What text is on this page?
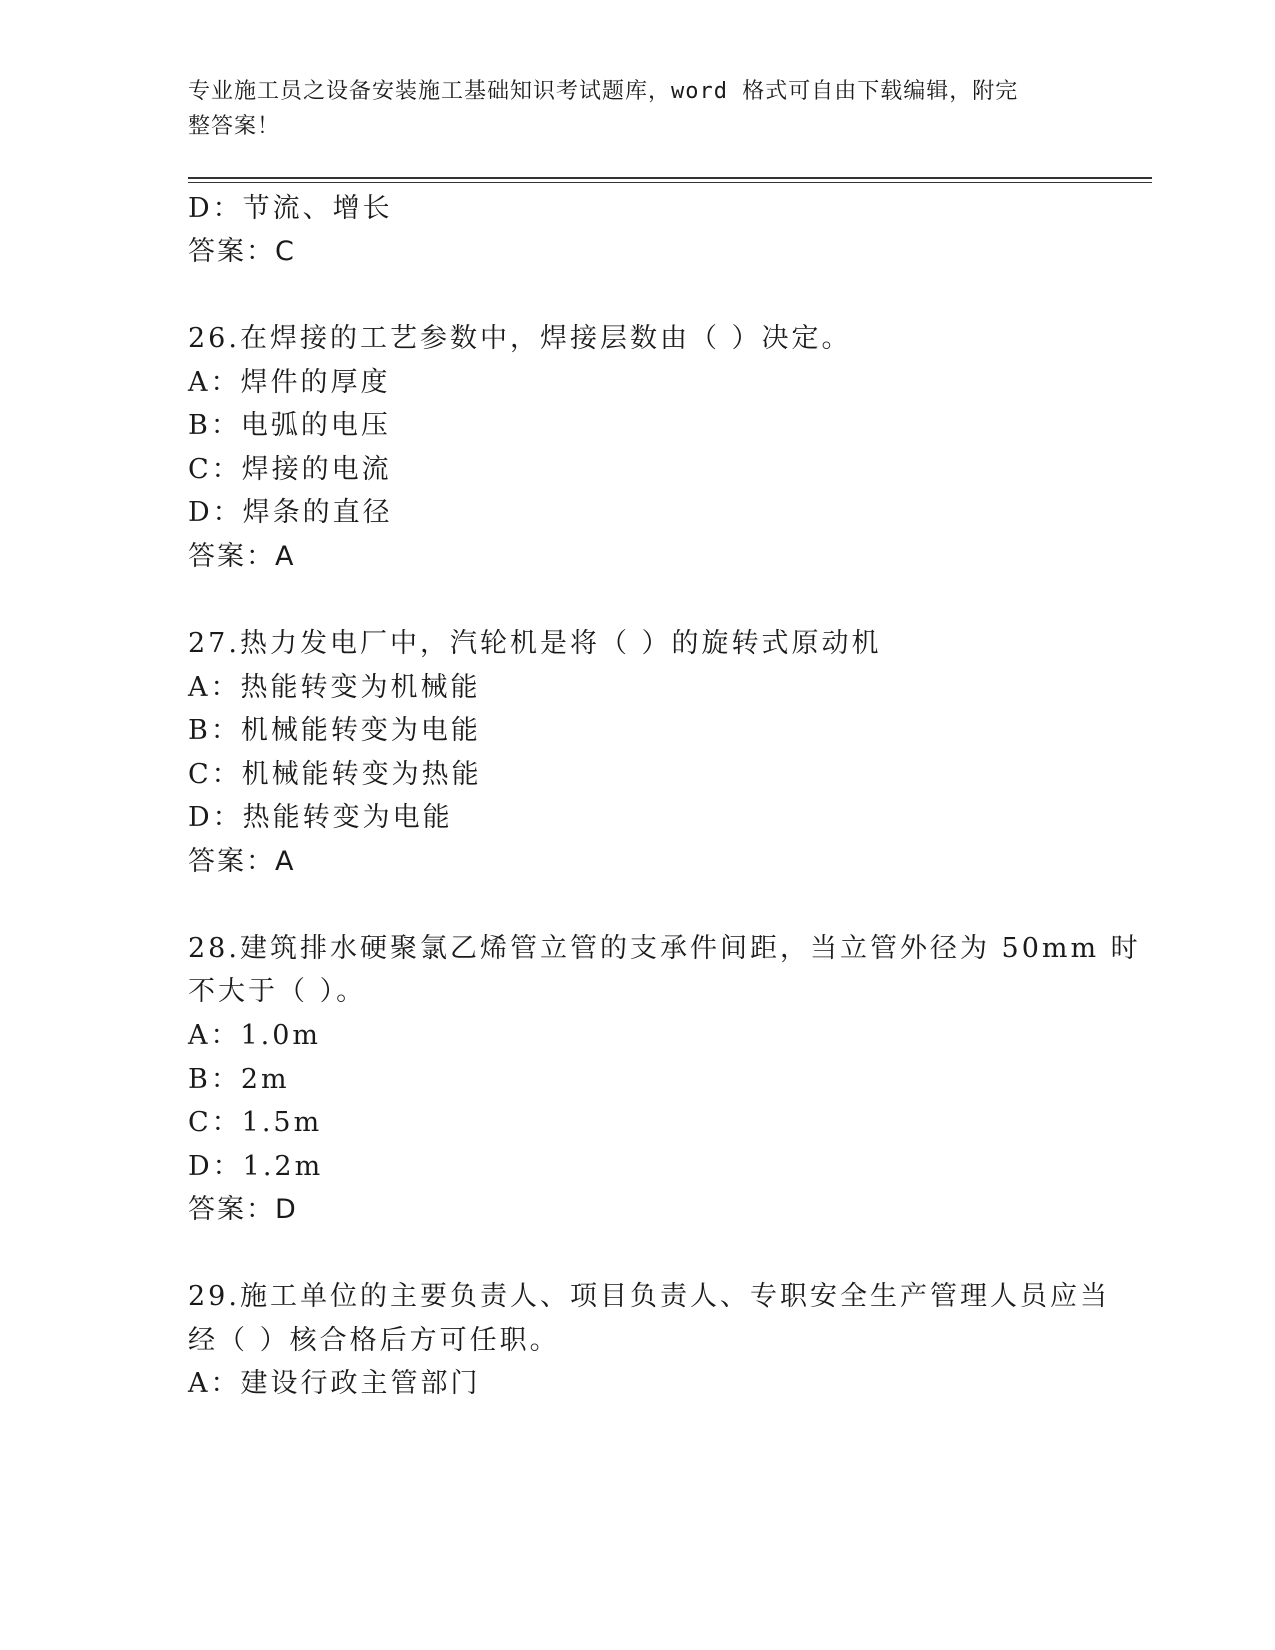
专业施工员之设备安装施工基础知识考试题库，word 格式可自由下载编辑，附完
整答案！
D：节流、增长
答案：C
26.在焊接的工艺参数中，焊接层数由（ ）决定。
A：焊件的厚度
B：电弧的电压
C：焊接的电流
D：焊条的直径
答案：A
27.热力发电厂中，汽轮机是将（ ）的旋转式原动机
A：热能转变为机械能
B：机械能转变为电能
C：机械能转变为热能
D：热能转变为电能
答案：A
28.建筑排水硬聚氯乙烯管立管的支承件间距，当立管外径为 50mm 时
不大于（ ）。
A：1.0m
B：2m
C：1.5m
D：1.2m
答案：D
29.施工单位的主要负责人、项目负责人、专职安全生产管理人员应当
经（ ）核合格后方可任职。
A：建设行政主管部门
